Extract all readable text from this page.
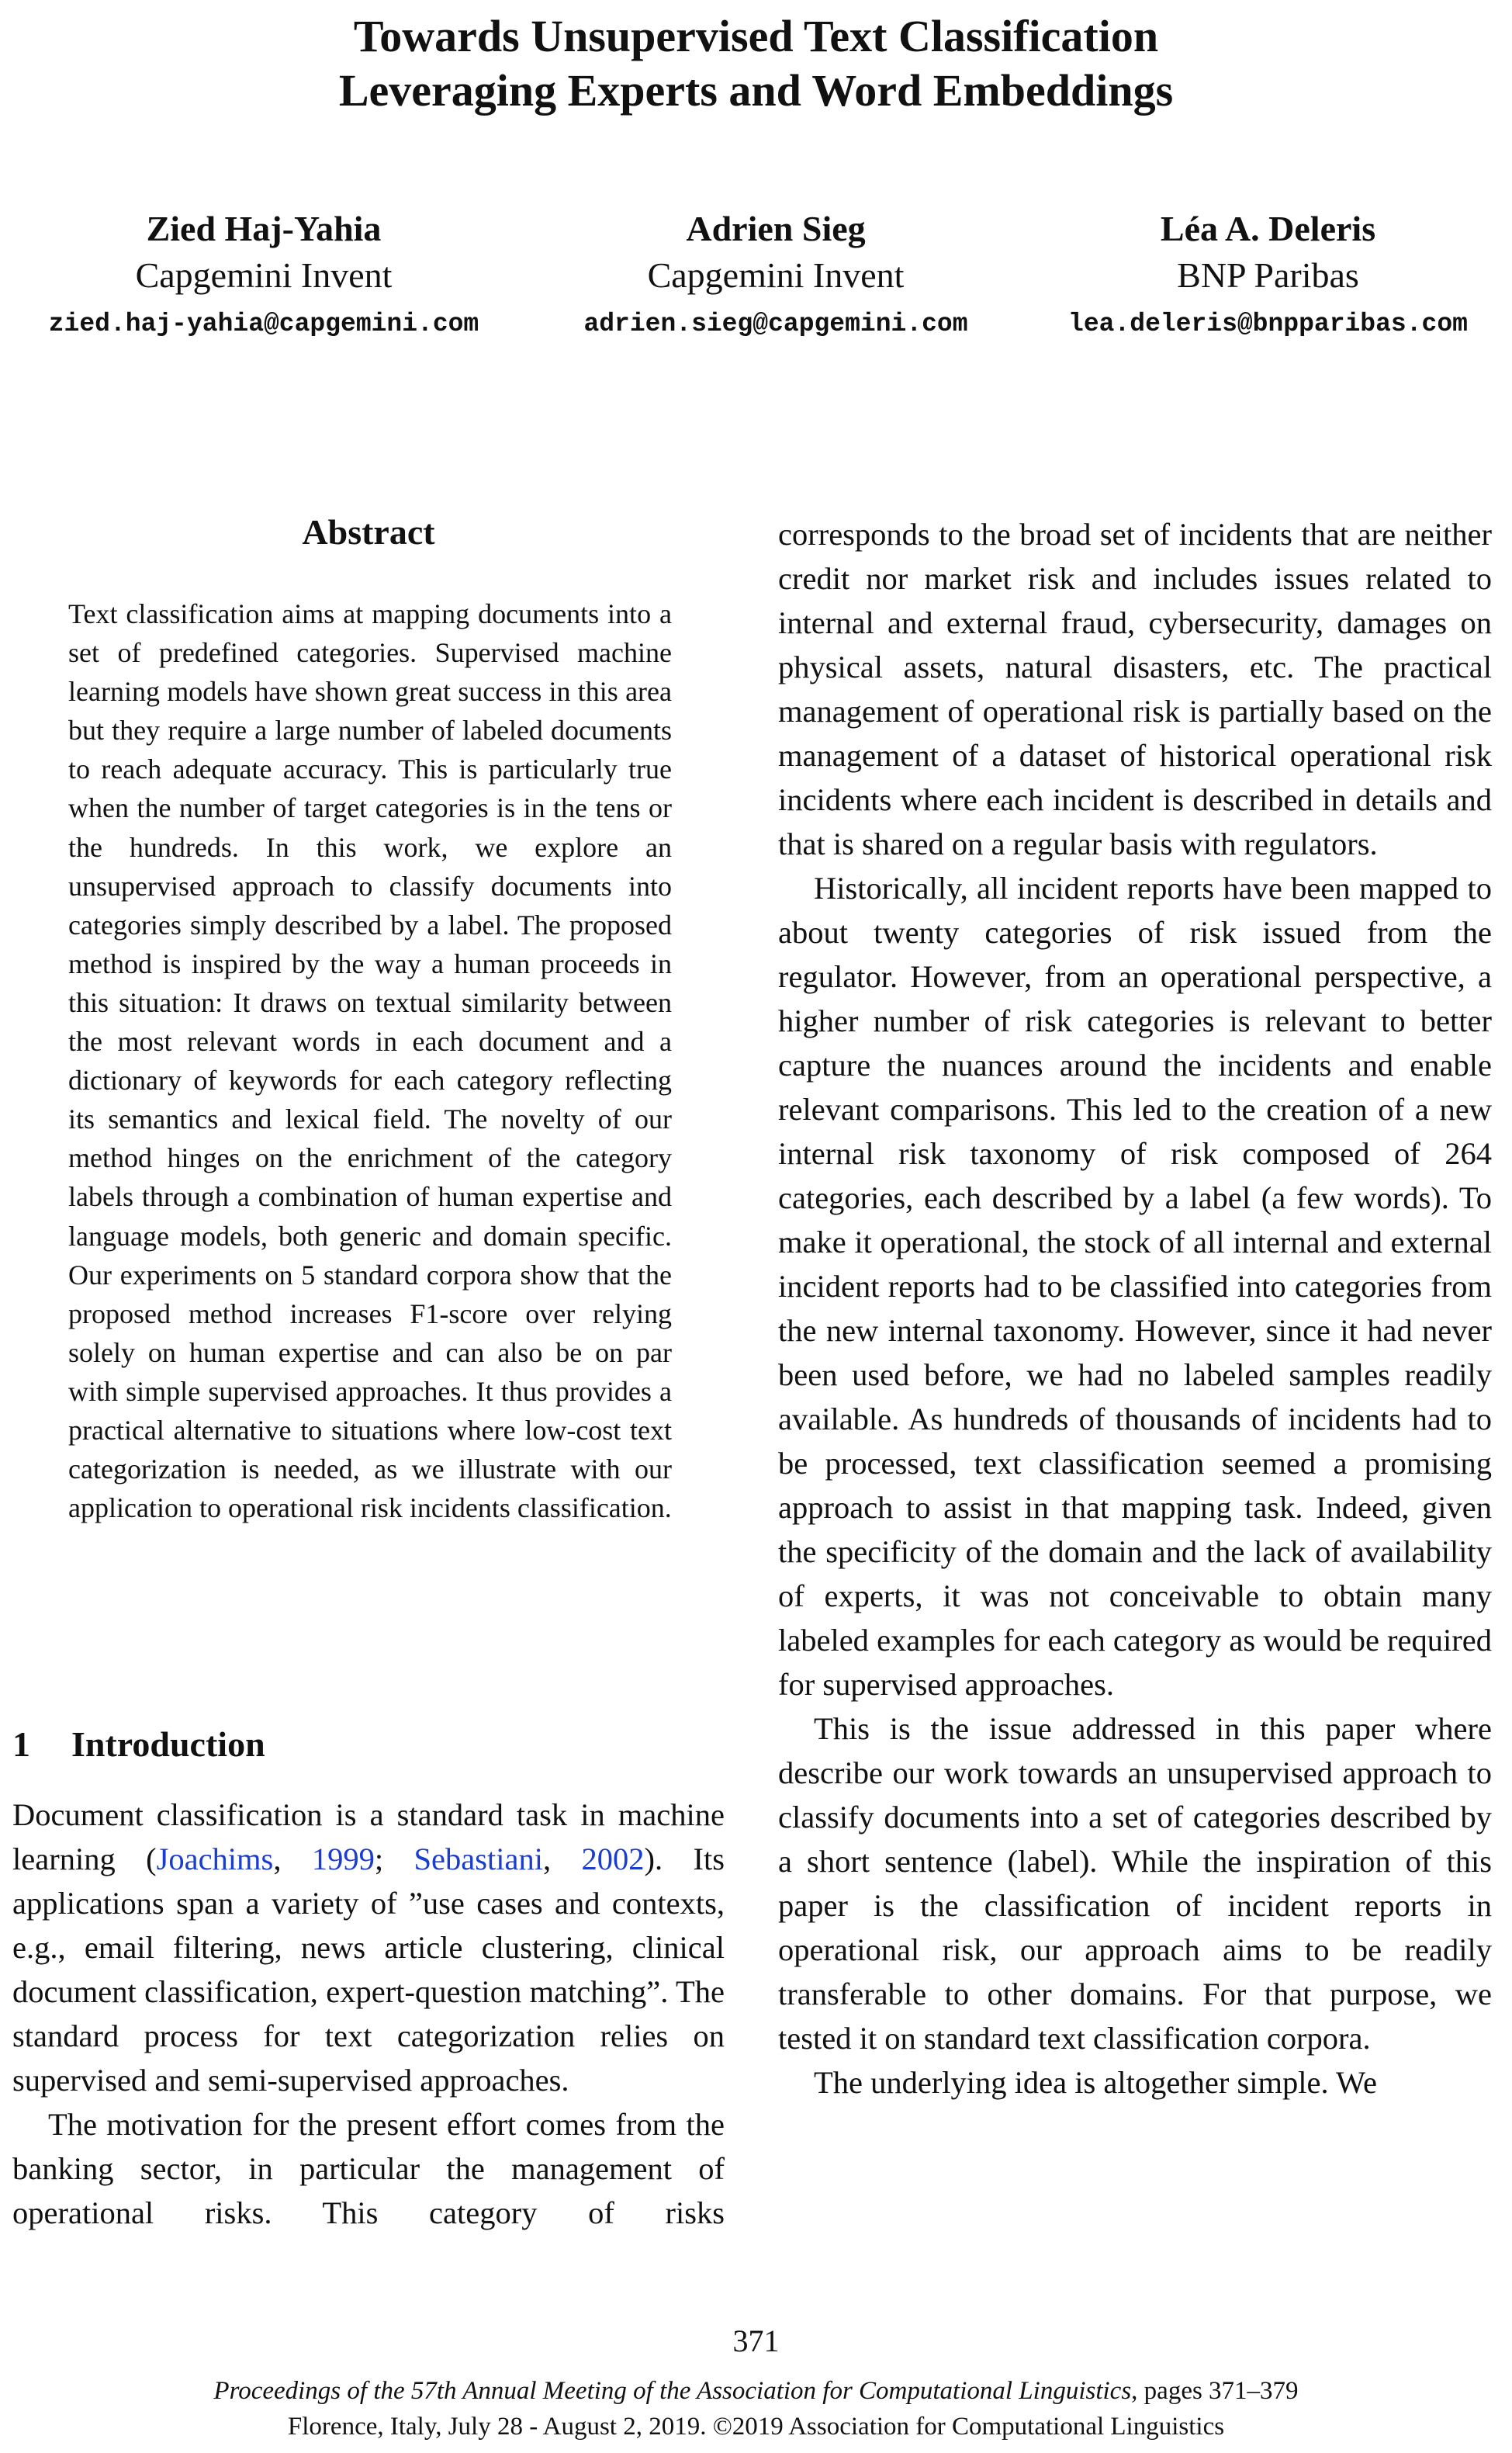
Towards Unsupervised Text Classification
Leveraging Experts and Word Embeddings
Zied Haj-Yahia
Capgemini Invent
zied.haj-yahia@capgemini.com
Adrien Sieg
Capgemini Invent
adrien.sieg@capgemini.com
Léa A. Deleris
BNP Paribas
lea.deleris@bnpparibas.com
Abstract

Text classification aims at mapping documents into a set of predefined categories. Supervised machine learning models have shown great success in this area but they require a large number of labeled documents to reach adequate accuracy. This is particularly true when the number of target categories is in the tens or the hundreds. In this work, we explore an unsupervised approach to classify documents into categories simply described by a label. The proposed method is inspired by the way a human proceeds in this situation: It draws on textual similarity between the most relevant words in each document and a dictionary of keywords for each category reflecting its semantics and lexical field. The novelty of our method hinges on the enrichment of the category labels through a combination of human expertise and language models, both generic and domain specific. Our experiments on 5 standard corpora show that the proposed method increases F1-score over relying solely on human expertise and can also be on par with simple supervised approaches. It thus provides a practical alternative to situations where low-cost text categorization is needed, as we illustrate with our application to operational risk incidents classification.

1 Introduction

Document classification is a standard task in machine learning (Joachims, 1999; Sebastiani, 2002). Its applications span a variety of ”use cases and contexts, e.g., email filtering, news article clustering, clinical document classification, expert-question matching”. The standard process for text categorization relies on supervised and semi-supervised approaches.

The motivation for the present effort comes from the banking sector, in particular the management of operational risks. This category of risks

corresponds to the broad set of incidents that are neither credit nor market risk and includes issues related to internal and external fraud, cybersecurity, damages on physical assets, natural disasters, etc. The practical management of operational risk is partially based on the management of a dataset of historical operational risk incidents where each incident is described in details and that is shared on a regular basis with regulators.

Historically, all incident reports have been mapped to about twenty categories of risk issued from the regulator. However, from an operational perspective, a higher number of risk categories is relevant to better capture the nuances around the incidents and enable relevant comparisons. This led to the creation of a new internal risk taxonomy of risk composed of 264 categories, each described by a label (a few words). To make it operational, the stock of all internal and external incident reports had to be classified into categories from the new internal taxonomy. However, since it had never been used before, we had no labeled samples readily available. As hundreds of thousands of incidents had to be processed, text classification seemed a promising approach to assist in that mapping task. Indeed, given the specificity of the domain and the lack of availability of experts, it was not conceivable to obtain many labeled examples for each category as would be required for supervised approaches.

This is the issue addressed in this paper where describe our work towards an unsupervised approach to classify documents into a set of categories described by a short sentence (label). While the inspiration of this paper is the classification of incident reports in operational risk, our approach aims to be readily transferable to other domains. For that purpose, we tested it on standard text classification corpora.

The underlying idea is altogether simple. We

371
Proceedings of the 57th Annual Meeting of the Association for Computational Linguistics, pages 371–379
Florence, Italy, July 28 - August 2, 2019. ©2019 Association for Computational Linguistics
